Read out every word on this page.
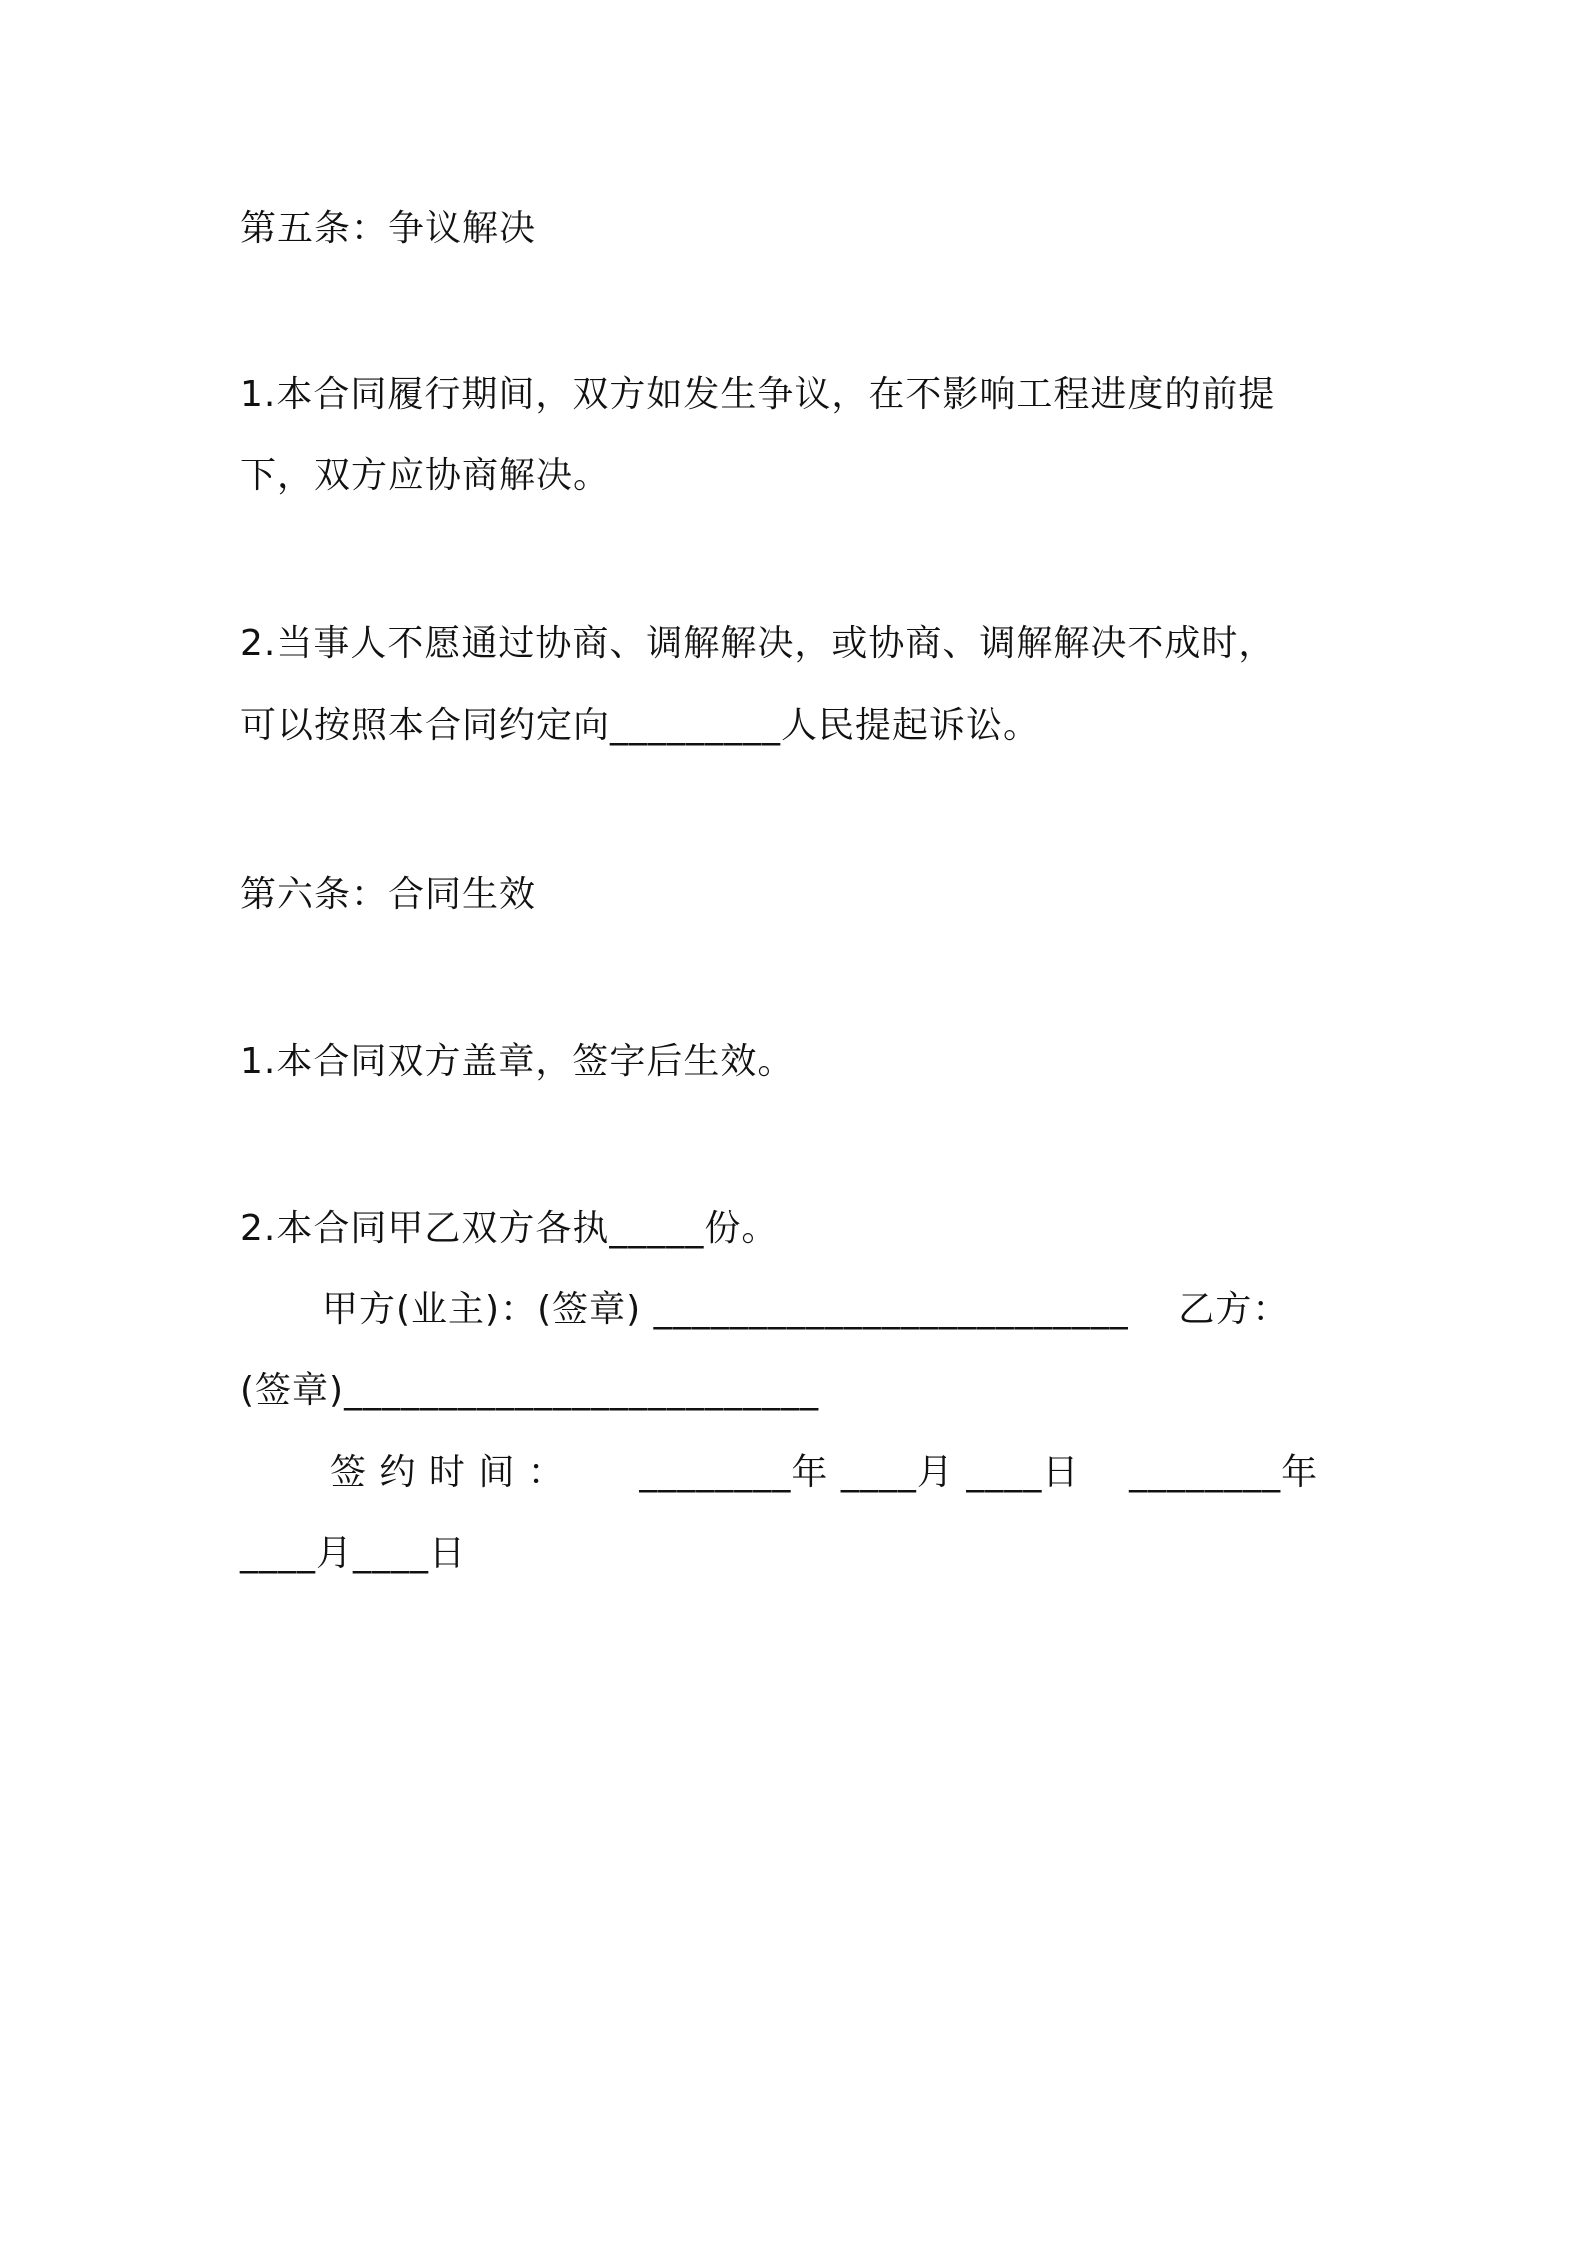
第五条：争议解决
1.本合同履行期间，双方如发生争议，在不影响工程进度的前提
下，双方应协商解决。
2.当事人不愿通过协商、调解解决，或协商、调解解决不成时，
可以按照本合同约定向_________人民提起诉讼。
第六条：合同生效
1.本合同双方盖章，签字后生效。
2.本合同甲乙双方各执_____份。
甲方(业主)：(签章) _________________________    乙方：
(签章)_________________________
签 约 时 间 ：      ________年 ____月 ____日    ________年
____月____日
